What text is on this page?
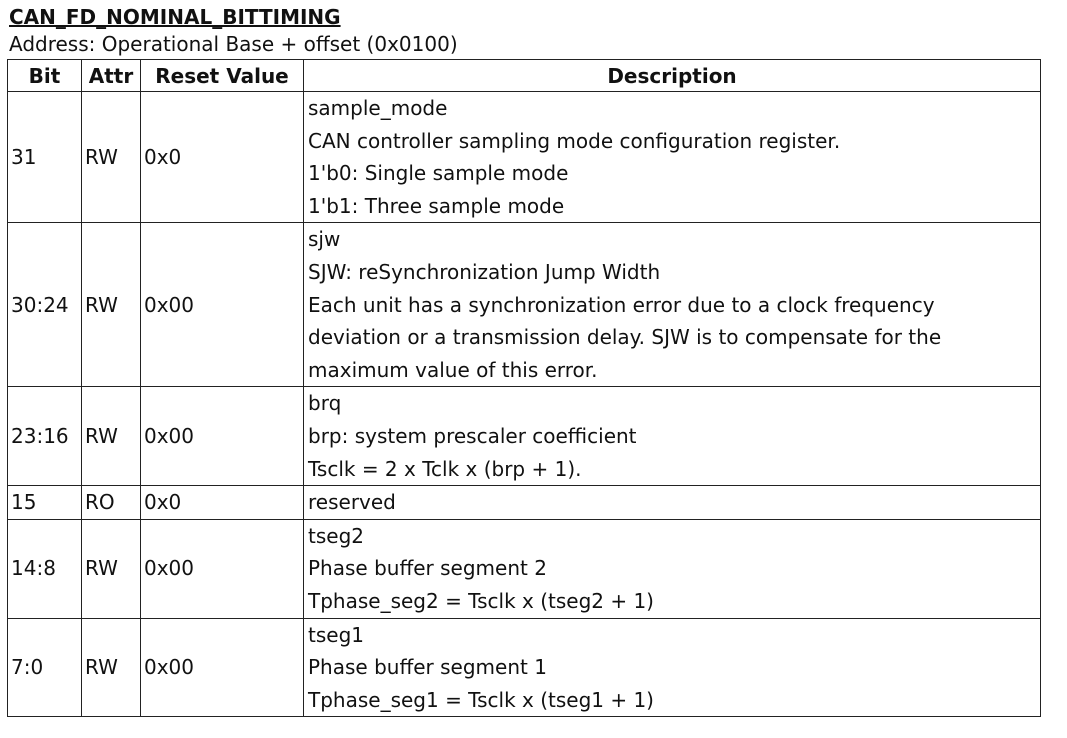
CAN_FD_NOMINAL_BITTIMING
Address: Operational Base + offset (0x0100)
Bit	Attr	Reset Value	Description
31	RW	0x0	sample_mode
CAN controller sampling mode configuration register.
1'b0: Single sample mode
1'b1: Three sample mode

30:24	RW	0x00	sjw
SJW: reSynchronization Jump Width
Each unit has a synchronization error due to a clock frequency
deviation or a transmission delay. SJW is to compensate for the
maximum value of this error.

23:16	RW	0x00	brq
brp: system prescaler coefficient
Tsclk = 2 x Tclk x (brp + 1).

15	RO	0x0	reserved

14:8	RW	0x00	tseg2
Phase buffer segment 2
Tphase_seg2 = Tsclk x (tseg2 + 1)

7:0	RW	0x00	tseg1
Phase buffer segment 1
Tphase_seg1 = Tsclk x (tseg1 + 1)
